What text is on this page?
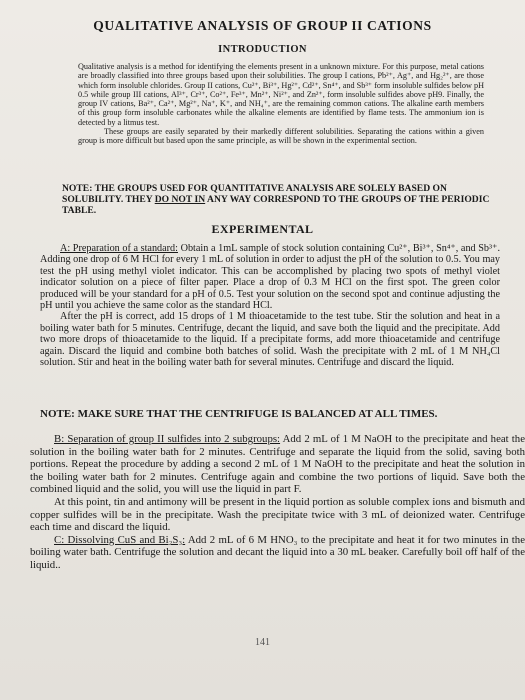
QUALITATIVE ANALYSIS OF GROUP II CATIONS
INTRODUCTION
Qualitative analysis is a method for identifying the elements present in a unknown mixture. For this purpose, metal cations are broadly classified into three groups based upon their solubilities. The group I cations, Pb²⁺, Ag⁺, and Hg₂²⁺, are those which form insoluble chlorides. Group II cations, Cu²⁺, Bi³⁺, Hg²⁺, Cd²⁺, Sn⁴⁺, and Sb³⁺ form insoluble sulfides below pH 0.5 while group III cations, Al³⁺, Cr³⁺, Co²⁺, Fe³⁺, Mn²⁺, Ni²⁺, and Zn²⁺, form insoluble sulfides above pH9. Finally, the group IV cations, Ba²⁺, Ca²⁺, Mg²⁺, Na⁺, K⁺, and NH₄⁺, are the remaining common cations. The alkaline earth members of this group form insoluble carbonates while the alkaline elements are identified by flame tests. The ammonium ion is detected by a litmus test.
These groups are easily separated by their markedly different solubilities. Separating the cations within a given group is more difficult but based upon the same principle, as will be shown in the experimental section.
NOTE: THE GROUPS USED FOR QUANTITATIVE ANALYSIS ARE SOLELY BASED ON SOLUBILITY. THEY DO NOT IN ANY WAY CORRESPOND TO THE GROUPS OF THE PERIODIC TABLE.
EXPERIMENTAL
A: Preparation of a standard: Obtain a 1mL sample of stock solution containing Cu²⁺, Bi³⁺, Sn⁴⁺, and Sb³⁺. Adding one drop of 6 M HCl for every 1 mL of solution in order to adjust the pH of the solution to 0.5. You may test the pH using methyl violet indicator. This can be accomplished by placing two spots of methyl violet indicator solution on a piece of filter paper. Place a drop of 0.3 M HCl on the first spot. The green color produced will be your standard for a pH of 0.5. Test your solution on the second spot and continue adjusting the pH until you achieve the same color as the standard HCl.
After the pH is correct, add 15 drops of 1 M thioacetamide to the test tube. Stir the solution and heat in a boiling water bath for 5 minutes. Centrifuge, decant the liquid, and save both the liquid and the precipitate. Add two more drops of thioacetamide to the liquid. If a precipitate forms, add more thioacetamide and centrifuge again. Discard the liquid and combine both batches of solid. Wash the precipitate with 2 mL of 1 M NH₄Cl solution. Stir and heat in the boiling water bath for several minutes. Centrifuge and discard the liquid.
NOTE: MAKE SURE THAT THE CENTRIFUGE IS BALANCED AT ALL TIMES.
B: Separation of group II sulfides into 2 subgroups: Add 2 mL of 1 M NaOH to the precipitate and heat the solution in the boiling water bath for 2 minutes. Centrifuge and separate the liquid from the solid, saving both portions. Repeat the procedure by adding a second 2 mL of 1 M NaOH to the precipitate and heat the solution in the boiling water bath for 2 minutes. Centrifuge again and combine the two portions of liquid. Save both the combined liquid and the solid, you will use the liquid in part F.
At this point, tin and antimony will be present in the liquid portion as soluble complex ions and bismuth and copper sulfides will be in the precipitate. Wash the precipitate twice with 3 mL of deionized water. Centrifuge each time and discard the liquid.
C: Dissolving CuS and Bi₂S₃: Add 2 mL of 6 M HNO₃ to the precipitate and heat it for two minutes in the boiling water bath. Centrifuge the solution and decant the liquid into a 30 mL beaker. Carefully boil off half of the liquid..
141
